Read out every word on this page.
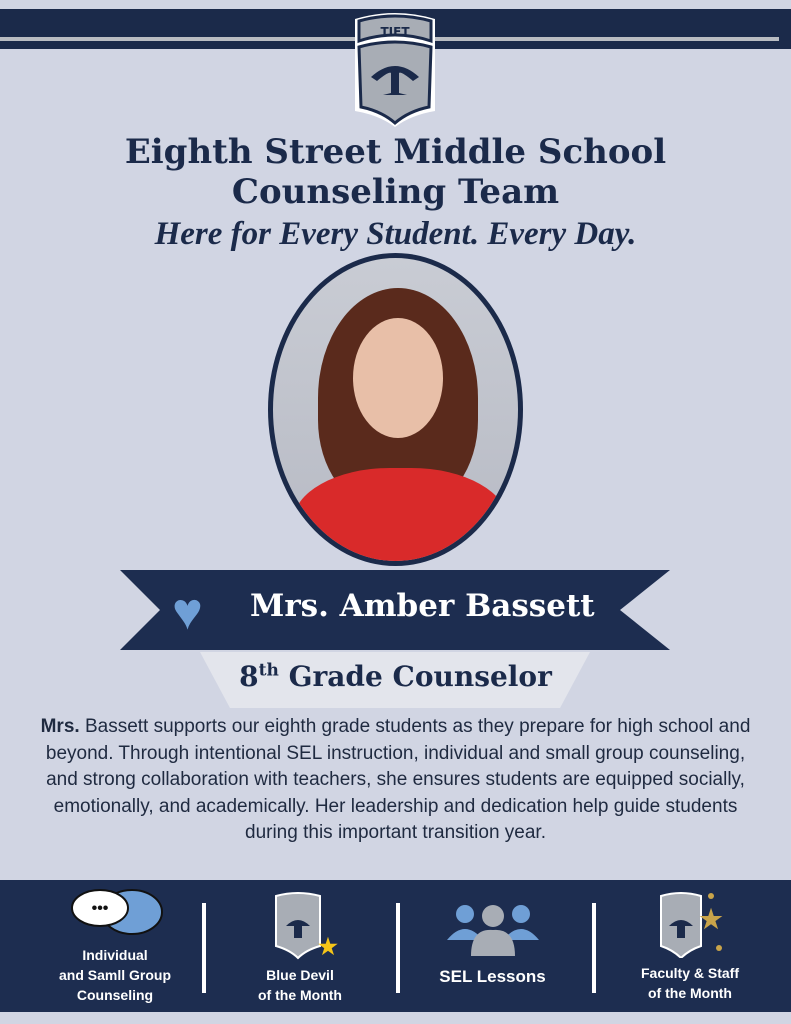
TIFT
Eighth Street Middle School
Counseling Team
Here for Every Student. Every Day.
♥ Mrs. Amber Bassett
8th Grade Counselor

Mrs. Bassett supports our eighth grade students as they prepare for high school and beyond. Through intentional SEL instruction, individual and small group counseling, and strong collaboration with teachers, she ensures students are equipped socially, emotionally, and academically. Her leadership and dedication help guide students during this important transition year.

•••
Individual
and Samll Group
Counseling
★
Blue Devil
of the Month
SEL Lessons
★
Faculty & Staff
of the Month
